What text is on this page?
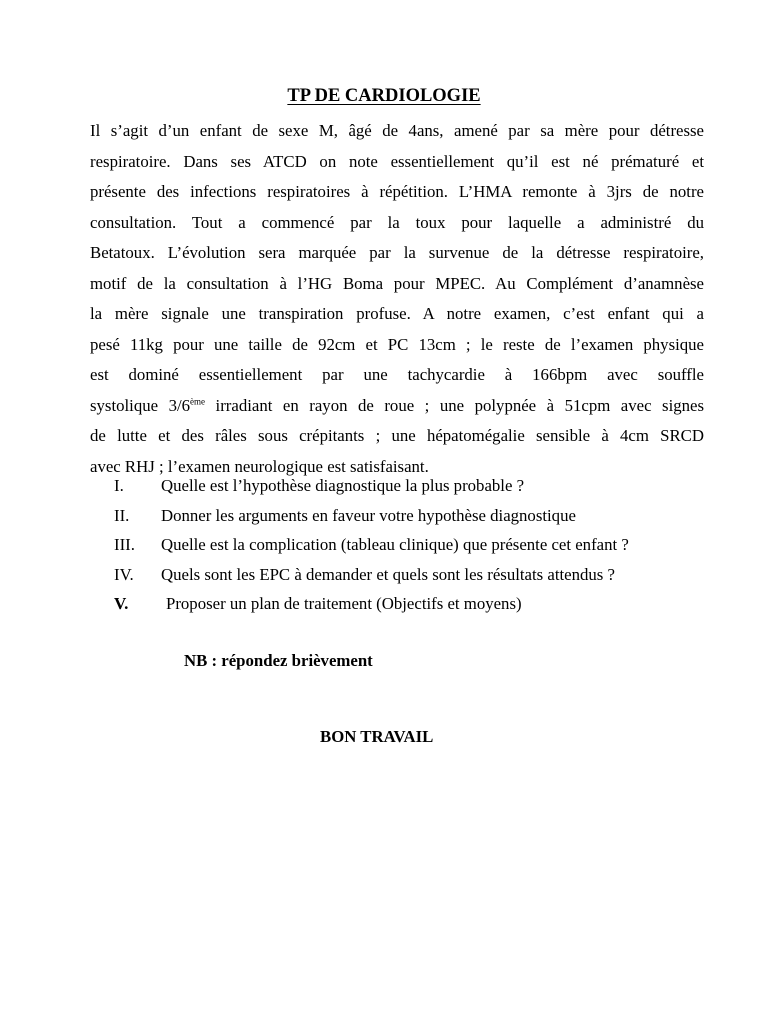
TP DE CARDIOLOGIE

Il s’agit d’un enfant de sexe M, âgé de 4ans, amené par sa mère pour détresse
respiratoire. Dans ses ATCD on note essentiellement qu’il est né prématuré et
présente des infections respiratoires à répétition. L’HMA remonte à 3jrs de notre
consultation. Tout a commencé par la toux pour laquelle a administré du
Betatoux. L’évolution sera marquée par la survenue de la détresse respiratoire,
motif de la consultation à l’HG Boma pour MPEC. Au Complément d’anamnèse
la mère signale une transpiration profuse. A notre examen, c’est enfant qui a
pesé 11kg pour une taille de 92cm et PC 13cm ; le reste de l’examen physique
est dominé essentiellement par une tachycardie à 166bpm avec souffle
systolique 3/6ème irradiant en rayon de roue ; une polypnée à 51cpm avec signes
de lutte et des râles sous crépitants ; une hépatomégalie sensible à 4cm SRCD
avec RHJ ; l’examen neurologique est satisfaisant.

I. Quelle est l’hypothèse diagnostique la plus probable ?
II. Donner les arguments en faveur votre hypothèse diagnostique
III. Quelle est la complication (tableau clinique) que présente cet enfant ?
IV. Quels sont les EPC à demander et quels sont les résultats attendus ?
V. Proposer un plan de traitement (Objectifs et moyens)
NB : répondez brièvement
BON TRAVAIL
